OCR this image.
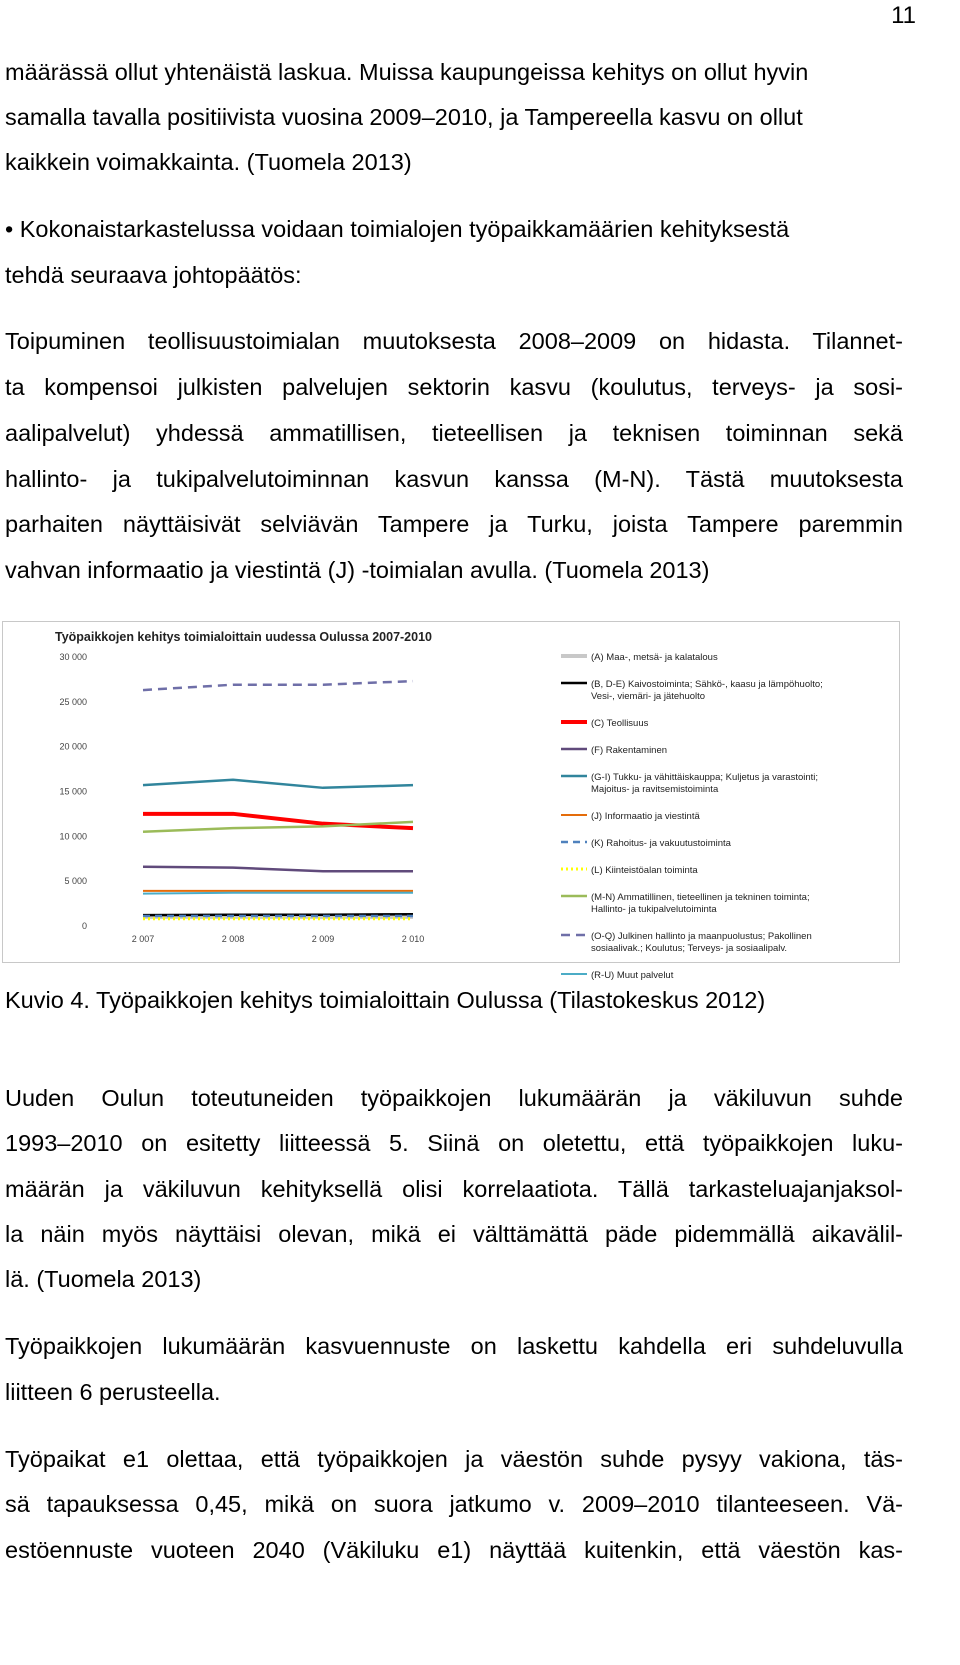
11
määrässä ollut yhtenäistä laskua. Muissa kaupungeissa kehitys on ollut hyvin
samalla tavalla positiivista vuosina 2009–2010, ja Tampereella kasvu on ollut
kaikkein voimakkainta. (Tuomela 2013)
• Kokonaistarkastelussa voidaan toimialojen työpaikkamäärien kehityksestä
tehdä seuraava johtopäätös:
Toipuminen teollisuustoimialan muutoksesta 2008–2009 on hidasta. Tilannet-
ta kompensoi julkisten palvelujen sektorin kasvu (koulutus, terveys- ja sosi-
aalipalvelut) yhdessä ammatillisen, tieteellisen ja teknisen toiminnan sekä
hallinto- ja tukipalvelutoiminnan kasvun kanssa (M-N). Tästä muutoksesta
parhaiten näyttäisivät selviävän Tampere ja Turku, joista Tampere paremmin
vahvan informaatio ja viestintä (J) -toimialan avulla. (Tuomela 2013)
Työpaikkojen kehitys toimialoittain uudessa Oulussa 2007-2010
0
5 000
10 000
15 000
20 000
25 000
30 000
2 007	2 008	2 009	2 010
(A) Maa-, metsä- ja kalatalous
(B, D-E) Kaivostoiminta; Sähkö-, kaasu ja lämpöhuolto;
Vesi-, viemäri- ja jätehuolto
(C) Teollisuus
(F) Rakentaminen
(G-I) Tukku- ja vähittäiskauppa; Kuljetus ja varastointi;
Majoitus- ja ravitsemistoiminta
(J) Informaatio ja viestintä
(K) Rahoitus- ja vakuutustoiminta
(L) Kiinteistöalan toiminta
(M-N) Ammatillinen, tieteellinen ja tekninen toiminta;
Hallinto- ja tukipalvelutoiminta
(O-Q) Julkinen hallinto ja maanpuolustus; Pakollinen
sosiaalivak.; Koulutus; Terveys- ja sosiaalipalv.
(R-U) Muut palvelut
Kuvio 4. Työpaikkojen kehitys toimialoittain Oulussa (Tilastokeskus 2012)
Uuden Oulun toteutuneiden työpaikkojen lukumäärän ja väkiluvun suhde
1993–2010 on esitetty liitteessä 5. Siinä on oletettu, että työpaikkojen luku-
määrän ja väkiluvun kehityksellä olisi korrelaatiota. Tällä tarkasteluajanjaksol-
la näin myös näyttäisi olevan, mikä ei välttämättä päde pidemmällä aikavälil-
lä. (Tuomela 2013)
Työpaikkojen lukumäärän kasvuennuste on laskettu kahdella eri suhdeluvulla
liitteen 6 perusteella.
Työpaikat e1 olettaa, että työpaikkojen ja väestön suhde pysyy vakiona, täs-
sä tapauksessa 0,45, mikä on suora jatkumo v. 2009–2010 tilanteeseen. Vä-
estöennuste vuoteen 2040 (Väkiluku e1) näyttää kuitenkin, että väestön kas-
